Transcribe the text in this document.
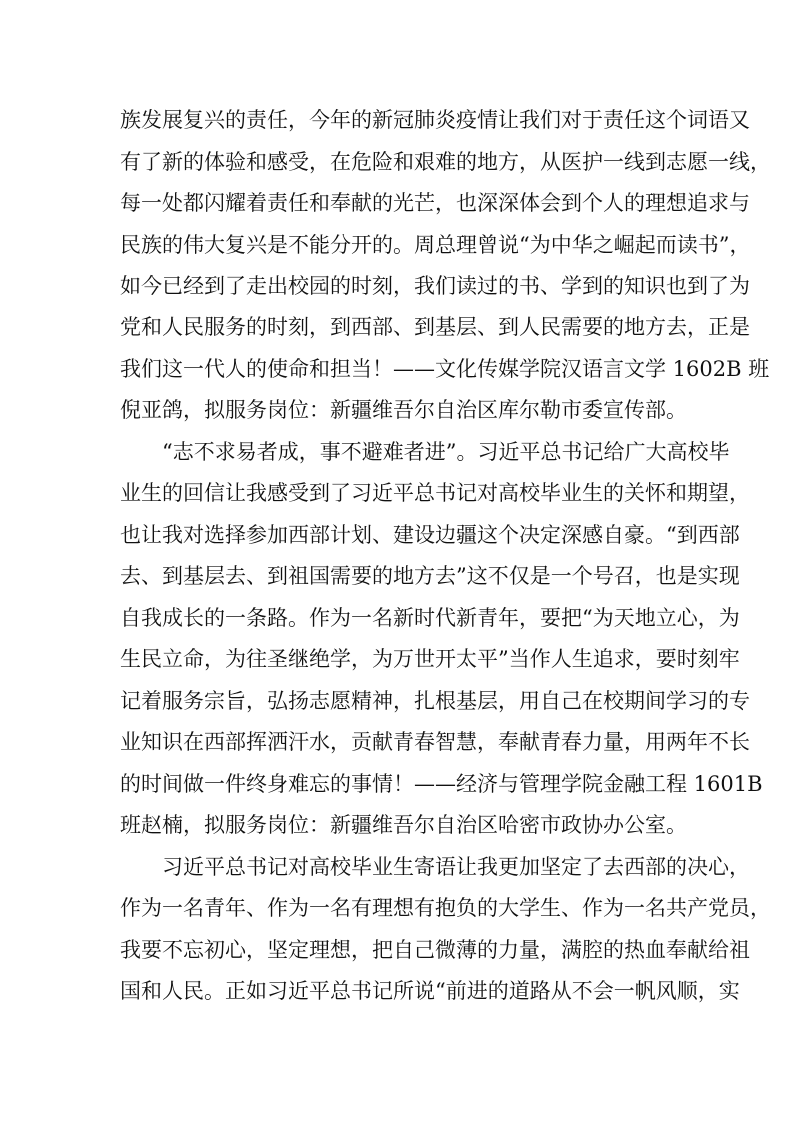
族发展复兴的责任，今年的新冠肺炎疫情让我们对于责任这个词语又
有了新的体验和感受，在危险和艰难的地方，从医护一线到志愿一线，
每一处都闪耀着责任和奉献的光芒，也深深体会到个人的理想追求与
民族的伟大复兴是不能分开的。周总理曾说“为中华之崛起而读书”，
如今已经到了走出校园的时刻，我们读过的书、学到的知识也到了为
党和人民服务的时刻，到西部、到基层、到人民需要的地方去，正是
我们这一代人的使命和担当！——文化传媒学院汉语言文学 1602B 班
倪亚鸽，拟服务岗位：新疆维吾尔自治区库尔勒市委宣传部。
“志不求易者成，事不避难者进”。习近平总书记给广大高校毕
业生的回信让我感受到了习近平总书记对高校毕业生的关怀和期望，
也让我对选择参加西部计划、建设边疆这个决定深感自豪。“到西部
去、到基层去、到祖国需要的地方去”这不仅是一个号召，也是实现
自我成长的一条路。作为一名新时代新青年，要把“为天地立心，为
生民立命，为往圣继绝学，为万世开太平”当作人生追求，要时刻牢
记着服务宗旨，弘扬志愿精神，扎根基层，用自己在校期间学习的专
业知识在西部挥洒汗水，贡献青春智慧，奉献青春力量，用两年不长
的时间做一件终身难忘的事情！——经济与管理学院金融工程 1601B
班赵楠，拟服务岗位：新疆维吾尔自治区哈密市政协办公室。
习近平总书记对高校毕业生寄语让我更加坚定了去西部的决心，
作为一名青年、作为一名有理想有抱负的大学生、作为一名共产党员，
我要不忘初心，坚定理想，把自己微薄的力量，满腔的热血奉献给祖
国和人民。正如习近平总书记所说“前进的道路从不会一帆风顺，实
